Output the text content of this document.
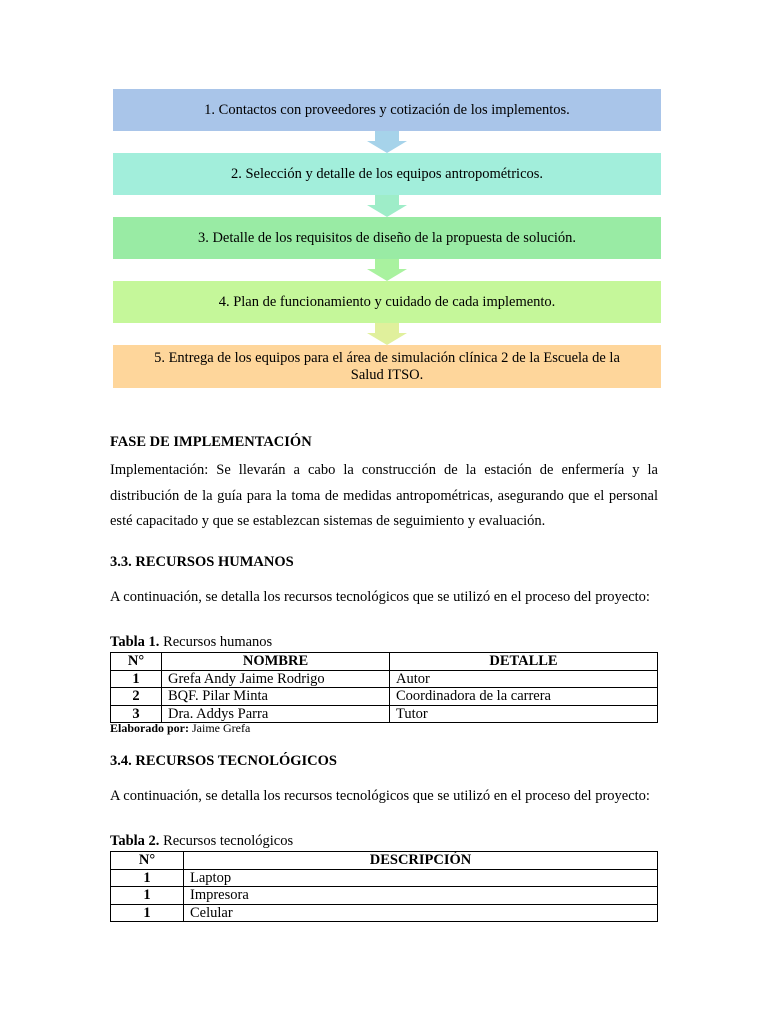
1. Contactos con proveedores y cotización de los implementos.
2. Selección y detalle de los equipos antropométricos.
3. Detalle de los requisitos de diseño de la propuesta de solución.
4. Plan de funcionamiento y cuidado de cada implemento.
5. Entrega de los equipos para el área de simulación clínica 2 de la Escuela de la Salud ITSO.
FASE DE IMPLEMENTACIÓN
Implementación: Se llevarán a cabo la construcción de la estación de enfermería y la distribución de la guía para la toma de medidas antropométricas, asegurando que el personal esté capacitado y que se establezcan sistemas de seguimiento y evaluación.
3.3. RECURSOS HUMANOS
A continuación, se detalla los recursos tecnológicos que se utilizó en el proceso del proyecto:
Tabla 1. Recursos humanos
N°	NOMBRE	DETALLE
1	Grefa Andy Jaime Rodrigo	Autor
2	BQF. Pilar Minta	Coordinadora de la carrera
3	Dra. Addys Parra	Tutor
Elaborado por: Jaime Grefa
3.4. RECURSOS TECNOLÓGICOS
A continuación, se detalla los recursos tecnológicos que se utilizó en el proceso del proyecto:
Tabla 2. Recursos tecnológicos
N°	DESCRIPCIÓN
1	Laptop
1	Impresora
1	Celular
